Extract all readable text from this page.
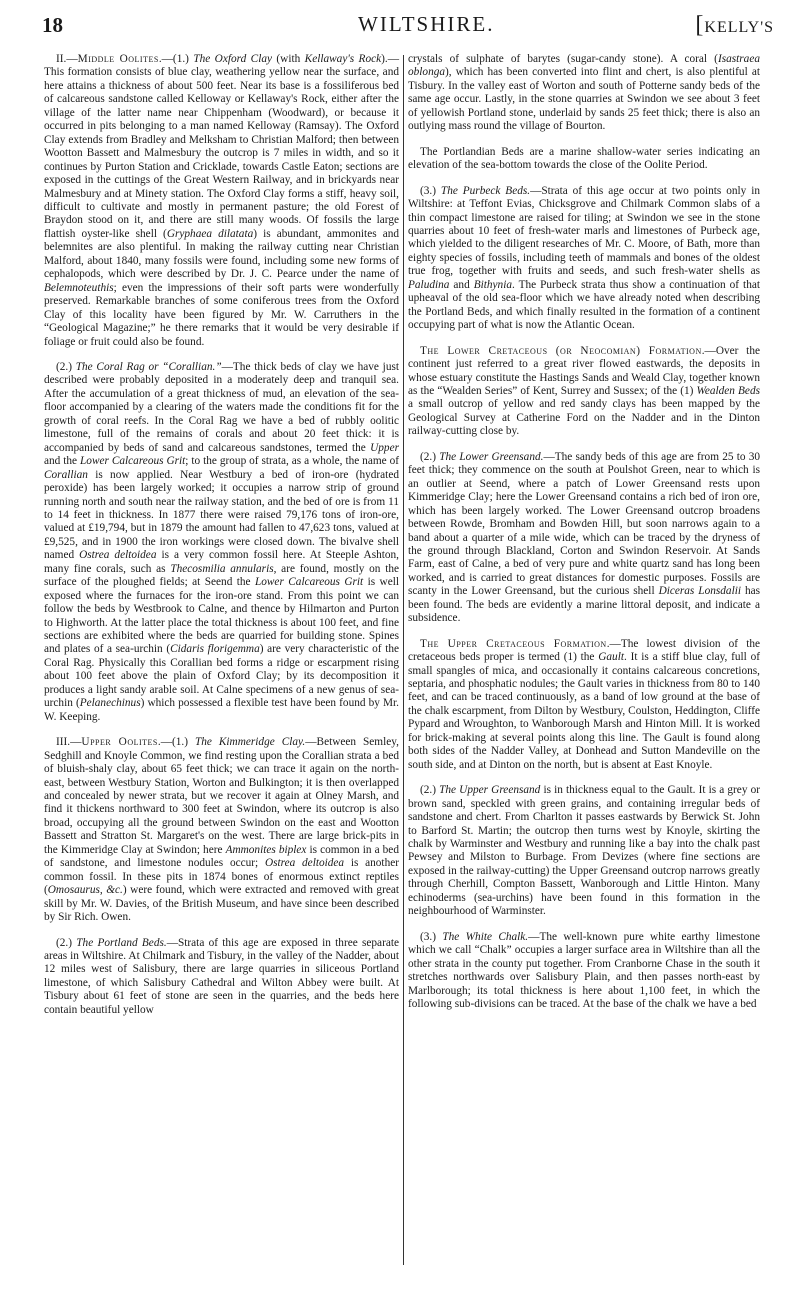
18	WILTSHIRE.	[KELLY'S

II.—Middle Oolites.—(1.) The Oxford Clay (with Kellaway's Rock).—This formation consists of blue clay, weathering yellow near the surface, and here attains a thickness of about 500 feet. Near its base is a fossiliferous bed of calcareous sandstone called Kelloway or Kellaway's Rock, either after the village of the latter name near Chippenham (Woodward), or because it occurred in pits belonging to a man named Kelloway (Ramsay). The Oxford Clay extends from Bradley and Melksham to Christian Malford; then between Wootton Bassett and Malmesbury the outcrop is 7 miles in width, and so it continues by Purton Station and Cricklade, towards Castle Eaton; sections are exposed in the cuttings of the Great Western Railway, and in brickyards near Malmesbury and at Minety station. The Oxford Clay forms a stiff, heavy soil, difficult to cultivate and mostly in permanent pasture; the old Forest of Braydon stood on it, and there are still many woods. Of fossils the large flattish oyster-like shell (Gryphaea dilatata) is abundant, ammonites and belemnites are also plentiful. In making the railway cutting near Christian Malford, about 1840, many fossils were found, including some new forms of cephalopods, which were described by Dr. J. C. Pearce under the name of Belemnoteuthis; even the impressions of their soft parts were wonderfully preserved. Remarkable branches of some coniferous trees from the Oxford Clay of this locality have been figured by Mr. W. Carruthers in the “Geological Magazine;” he there remarks that it would be very desirable if foliage or fruit could also be found.

(2.) The Coral Rag or “Corallian.”—The thick beds of clay we have just described were probably deposited in a moderately deep and tranquil sea. After the accumulation of a great thickness of mud, an elevation of the sea-floor accompanied by a clearing of the waters made the conditions fit for the growth of coral reefs. In the Coral Rag we have a bed of rubbly oolitic limestone, full of the remains of corals and about 20 feet thick: it is accompanied by beds of sand and calcareous sandstones, termed the Upper and the Lower Calcareous Grit; to the group of strata, as a whole, the name of Corallian is now applied. Near Westbury a bed of iron-ore (hydrated peroxide) has been largely worked; it occupies a narrow strip of ground running north and south near the railway station, and the bed of ore is from 11 to 14 feet in thickness. In 1877 there were raised 79,176 tons of iron-ore, valued at £19,794, but in 1879 the amount had fallen to 47,623 tons, valued at £9,525, and in 1900 the iron workings were closed down. The bivalve shell named Ostrea deltoidea is a very common fossil here. At Steeple Ashton, many fine corals, such as Thecosmilia annularis, are found, mostly on the surface of the ploughed fields; at Seend the Lower Calcareous Grit is well exposed where the furnaces for the iron-ore stand. From this point we can follow the beds by Westbrook to Calne, and thence by Hilmarton and Purton to Highworth. At the latter place the total thickness is about 100 feet, and fine sections are exhibited where the beds are quarried for building stone. Spines and plates of a sea-urchin (Cidaris florigemma) are very characteristic of the Coral Rag. Physically this Corallian bed forms a ridge or escarpment rising about 100 feet above the plain of Oxford Clay; by its decomposition it produces a light sandy arable soil. At Calne specimens of a new genus of sea-urchin (Pelanechinus) which possessed a flexible test have been found by Mr. W. Keeping.

III.—Upper Oolites.—(1.) The Kimmeridge Clay.—Between Semley, Sedghill and Knoyle Common, we find resting upon the Corallian strata a bed of bluish-shaly clay, about 65 feet thick; we can trace it again on the north-east, between Westbury Station, Worton and Bulkington; it is then overlapped and concealed by newer strata, but we recover it again at Olney Marsh, and find it thickens northward to 300 feet at Swindon, where its outcrop is also broad, occupying all the ground between Swindon on the east and Wootton Bassett and Stratton St. Margaret's on the west. There are large brick-pits in the Kimmeridge Clay at Swindon; here Ammonites biplex is common in a bed of sandstone, and limestone nodules occur; Ostrea deltoidea is another common fossil. In these pits in 1874 bones of enormous extinct reptiles (Omosaurus, &c.) were found, which were extracted and removed with great skill by Mr. W. Davies, of the British Museum, and have since been described by Sir Rich. Owen.

(2.) The Portland Beds.—Strata of this age are exposed in three separate areas in Wiltshire. At Chilmark and Tisbury, in the valley of the Nadder, about 12 miles west of Salisbury, there are large quarries in siliceous Portland limestone, of which Salisbury Cathedral and Wilton Abbey were built. At Tisbury about 61 feet of stone are seen in the quarries, and the beds here contain beautiful yellow

crystals of sulphate of barytes (sugar-candy stone). A coral (Isastraea oblonga), which has been converted into flint and chert, is also plentiful at Tisbury. In the valley east of Worton and south of Potterne sandy beds of the same age occur. Lastly, in the stone quarries at Swindon we see about 3 feet of yellowish Portland stone, underlaid by sands 25 feet thick; there is also an outlying mass round the village of Bourton.

The Portlandian Beds are a marine shallow-water series indicating an elevation of the sea-bottom towards the close of the Oolite Period.

(3.) The Purbeck Beds.—Strata of this age occur at two points only in Wiltshire: at Teffont Evias, Chicksgrove and Chilmark Common slabs of a thin compact limestone are raised for tiling; at Swindon we see in the stone quarries about 10 feet of fresh-water marls and limestones of Purbeck age, which yielded to the diligent researches of Mr. C. Moore, of Bath, more than eighty species of fossils, including teeth of mammals and bones of the oldest true frog, together with fruits and seeds, and such fresh-water shells as Paludina and Bithynia. The Purbeck strata thus show a continuation of that upheaval of the old sea-floor which we have already noted when describing the Portland Beds, and which finally resulted in the formation of a continent occupying part of what is now the Atlantic Ocean.

The Lower Cretaceous (or Neocomian) Formation.—Over the continent just referred to a great river flowed eastwards, the deposits in whose estuary constitute the Hastings Sands and Weald Clay, together known as the “Wealden Series” of Kent, Surrey and Sussex; of the (1) Wealden Beds a small outcrop of yellow and red sandy clays has been mapped by the Geological Survey at Catherine Ford on the Nadder and in the Dinton railway-cutting close by.

(2.) The Lower Greensand.—The sandy beds of this age are from 25 to 30 feet thick; they commence on the south at Poulshot Green, near to which is an outlier at Seend, where a patch of Lower Greensand rests upon Kimmeridge Clay; here the Lower Greensand contains a rich bed of iron ore, which has been largely worked. The Lower Greensand outcrop broadens between Rowde, Bromham and Bowden Hill, but soon narrows again to a band about a quarter of a mile wide, which can be traced by the dryness of the ground through Blackland, Corton and Swindon Reservoir. At Sands Farm, east of Calne, a bed of very pure and white quartz sand has long been worked, and is carried to great distances for domestic purposes. Fossils are scanty in the Lower Greensand, but the curious shell Diceras Lonsdalii has been found. The beds are evidently a marine littoral deposit, and indicate a subsidence.

The Upper Cretaceous Formation.—The lowest division of the cretaceous beds proper is termed (1) the Gault. It is a stiff blue clay, full of small spangles of mica, and occasionally it contains calcareous concretions, septaria, and phosphatic nodules; the Gault varies in thickness from 80 to 140 feet, and can be traced continuously, as a band of low ground at the base of the chalk escarpment, from Dilton by Westbury, Coulston, Heddington, Cliffe Pypard and Wroughton, to Wanborough Marsh and Hinton Mill. It is worked for brick-making at several points along this line. The Gault is found along both sides of the Nadder Valley, at Donhead and Sutton Mandeville on the south side, and at Dinton on the north, but is absent at East Knoyle.

(2.) The Upper Greensand is in thickness equal to the Gault. It is a grey or brown sand, speckled with green grains, and containing irregular beds of sandstone and chert. From Charlton it passes eastwards by Berwick St. John to Barford St. Martin; the outcrop then turns west by Knoyle, skirting the chalk by Warminster and Westbury and running like a bay into the chalk past Pewsey and Milston to Burbage. From Devizes (where fine sections are exposed in the railway-cutting) the Upper Greensand outcrop narrows greatly through Cherhill, Compton Bassett, Wanborough and Little Hinton. Many echinoderms (sea-urchins) have been found in this formation in the neighbourhood of Warminster.

(3.) The White Chalk.—The well-known pure white earthy limestone which we call “Chalk” occupies a larger surface area in Wiltshire than all the other strata in the county put together. From Cranborne Chase in the south it stretches northwards over Salisbury Plain, and then passes north-east by Marlborough; its total thickness is here about 1,100 feet, in which the following sub-divisions can be traced. At the base of the chalk we have a bed
